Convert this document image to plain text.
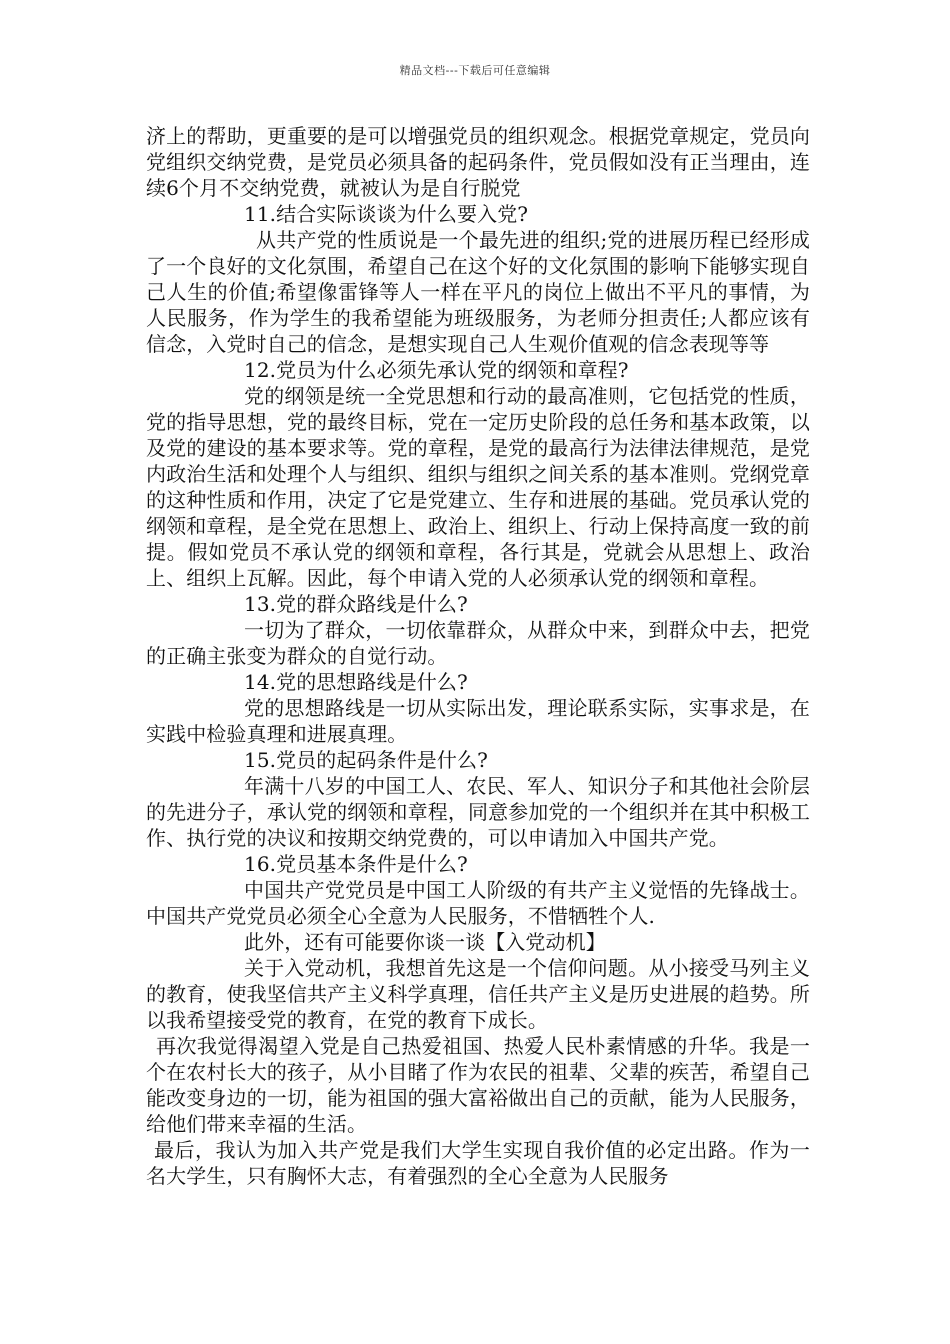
精品文档---下载后可任意编辑

济上的帮助，更重要的是可以增强党员的组织观念。根据党章规定，党员向党组织交纳党费，是党员必须具备的起码条件，党员假如没有正当理由，连续6个月不交纳党费，就被认为是自行脱党

11.结合实际谈谈为什么要入党?

从共产党的性质说是一个最先进的组织;党的进展历程已经形成了一个良好的文化氛围，希望自己在这个好的文化氛围的影响下能够实现自己人生的价值;希望像雷锋等人一样在平凡的岗位上做出不平凡的事情，为人民服务，作为学生的我希望能为班级服务，为老师分担责任;人都应该有信念，入党时自己的信念，是想实现自己人生观价值观的信念表现等等

12.党员为什么必须先承认党的纲领和章程?

党的纲领是统一全党思想和行动的最高准则，它包括党的性质，党的指导思想，党的最终目标，党在一定历史阶段的总任务和基本政策，以及党的建设的基本要求等。党的章程，是党的最高行为法律法律规范，是党内政治生活和处理个人与组织、组织与组织之间关系的基本准则。党纲党章的这种性质和作用，决定了它是党建立、生存和进展的基础。党员承认党的纲领和章程，是全党在思想上、政治上、组织上、行动上保持高度一致的前提。假如党员不承认党的纲领和章程，各行其是，党就会从思想上、政治上、组织上瓦解。因此，每个申请入党的人必须承认党的纲领和章程。

13.党的群众路线是什么?

一切为了群众，一切依靠群众，从群众中来，到群众中去，把党的正确主张变为群众的自觉行动。

14.党的思想路线是什么?

党的思想路线是一切从实际出发，理论联系实际，实事求是，在实践中检验真理和进展真理。

15.党员的起码条件是什么?

年满十八岁的中国工人、农民、军人、知识分子和其他社会阶层的先进分子，承认党的纲领和章程，同意参加党的一个组织并在其中积极工作、执行党的决议和按期交纳党费的，可以申请加入中国共产党。

16.党员基本条件是什么?

中国共产党党员是中国工人阶级的有共产主义觉悟的先锋战士。中国共产党党员必须全心全意为人民服务，不惜牺牲个人.

此外，还有可能要你谈一谈【入党动机】

关于入党动机，我想首先这是一个信仰问题。从小接受马列主义的教育，使我坚信共产主义科学真理，信任共产主义是历史进展的趋势。所以我希望接受党的教育，在党的教育下成长。

再次我觉得渴望入党是自己热爱祖国、热爱人民朴素情感的升华。我是一个在农村长大的孩子，从小目睹了作为农民的祖辈、父辈的疾苦，希望自己能改变身边的一切，能为祖国的强大富裕做出自己的贡献，能为人民服务，给他们带来幸福的生活。

最后，我认为加入共产党是我们大学生实现自我价值的必定出路。作为一名大学生，只有胸怀大志，有着强烈的全心全意为人民服务
